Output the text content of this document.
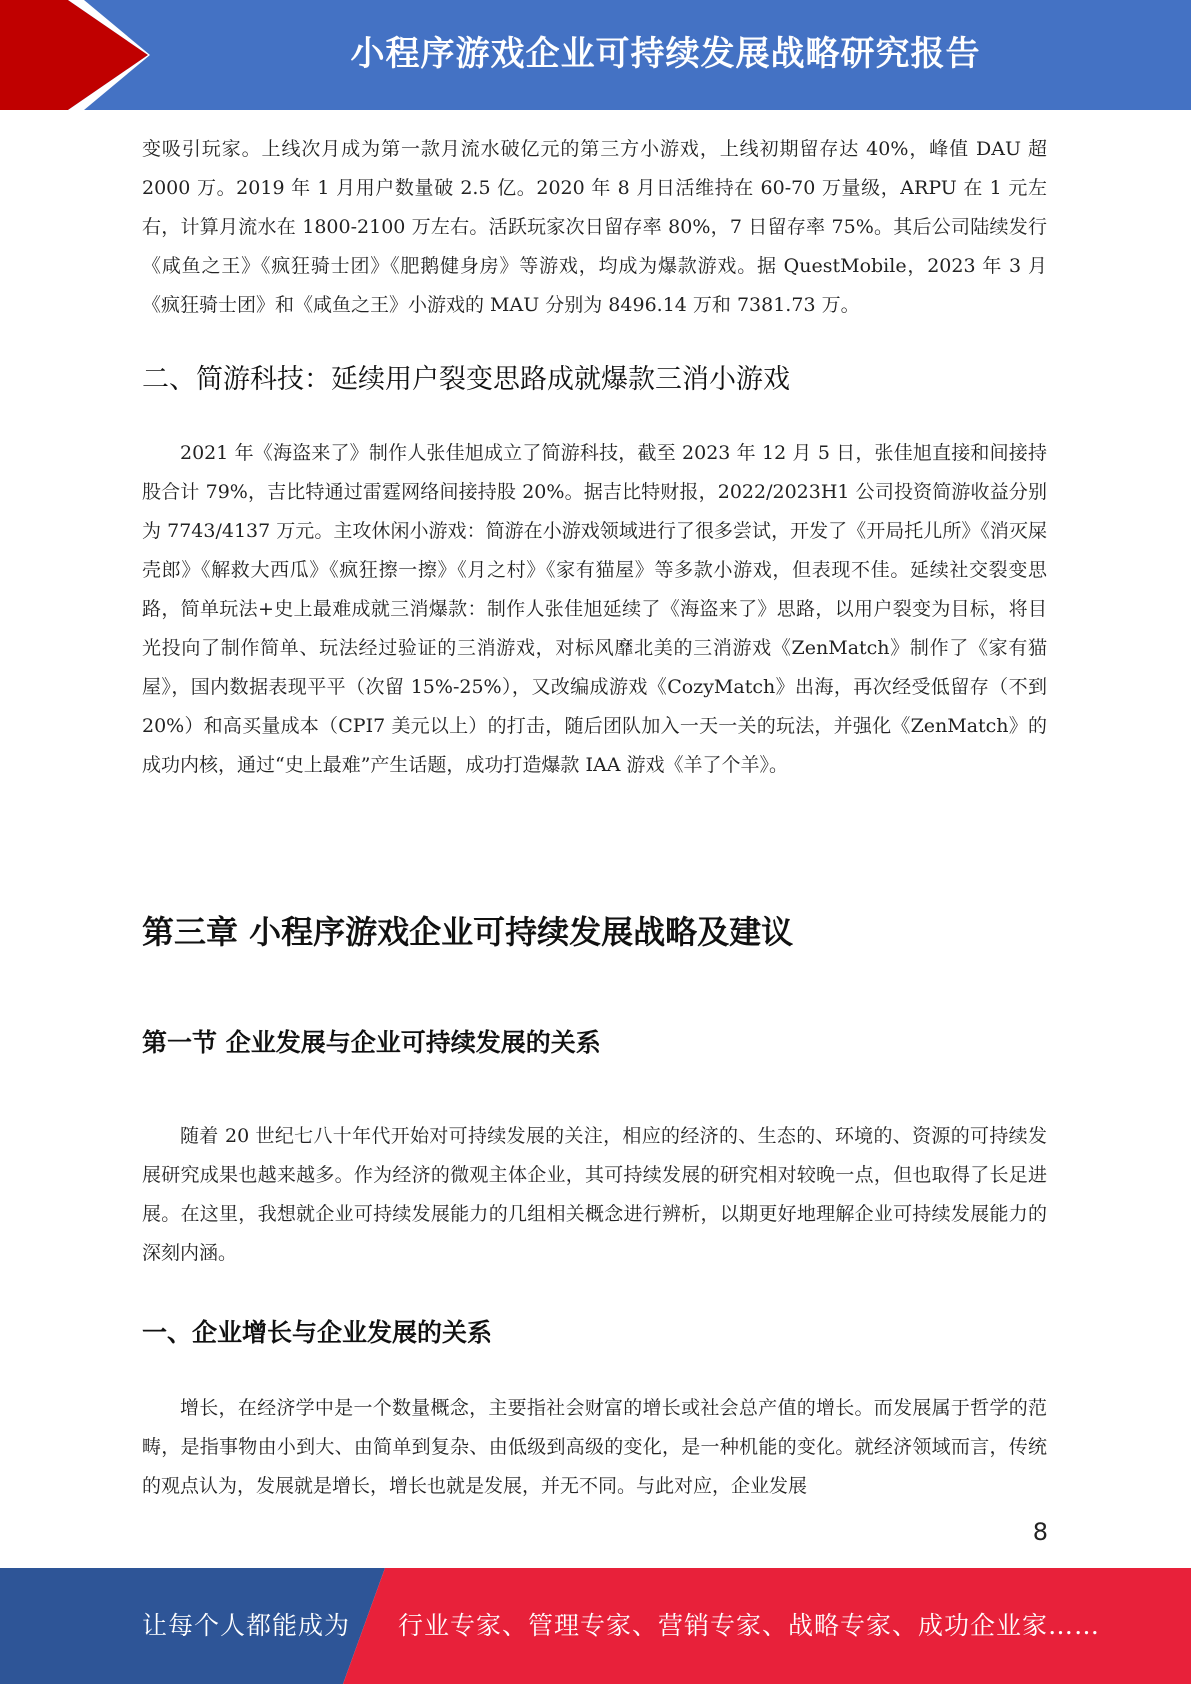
小程序游戏企业可持续发展战略研究报告

变吸引玩家。上线次月成为第一款月流水破亿元的第三方小游戏，上线初期留存达 40%，峰值 DAU 超 2000 万。2019 年 1 月用户数量破 2.5 亿。2020 年 8 月日活维持在 60-70 万量级，ARPU 在 1 元左右，计算月流水在 1800-2100 万左右。活跃玩家次日留存率 80%，7 日留存率 75%。其后公司陆续发行《咸鱼之王》《疯狂骑士团》《肥鹅健身房》等游戏，均成为爆款游戏。据 QuestMobile，2023 年 3 月《疯狂骑士团》和《咸鱼之王》小游戏的 MAU 分别为 8496.14 万和 7381.73 万。

二、简游科技：延续用户裂变思路成就爆款三消小游戏

2021 年《海盗来了》制作人张佳旭成立了简游科技，截至 2023 年 12 月 5 日，张佳旭直接和间接持股合计 79%，吉比特通过雷霆网络间接持股 20%。据吉比特财报，2022/2023H1 公司投资简游收益分别为 7743/4137 万元。主攻休闲小游戏：简游在小游戏领域进行了很多尝试，开发了《开局托儿所》《消灭屎壳郎》《解救大西瓜》《疯狂擦一擦》《月之村》《家有猫屋》等多款小游戏，但表现不佳。延续社交裂变思路，简单玩法+史上最难成就三消爆款：制作人张佳旭延续了《海盗来了》思路，以用户裂变为目标，将目光投向了制作简单、玩法经过验证的三消游戏，对标风靡北美的三消游戏《ZenMatch》制作了《家有猫屋》，国内数据表现平平（次留 15%-25%），又改编成游戏《CozyMatch》出海，再次经受低留存（不到 20%）和高买量成本（CPI7 美元以上）的打击，随后团队加入一天一关的玩法，并强化《ZenMatch》的成功内核，通过“史上最难”产生话题，成功打造爆款 IAA 游戏《羊了个羊》。

第三章 小程序游戏企业可持续发展战略及建议
第一节 企业发展与企业可持续发展的关系

随着 20 世纪七八十年代开始对可持续发展的关注，相应的经济的、生态的、环境的、资源的可持续发展研究成果也越来越多。作为经济的微观主体企业，其可持续发展的研究相对较晚一点，但也取得了长足进展。在这里，我想就企业可持续发展能力的几组相关概念进行辨析，以期更好地理解企业可持续发展能力的深刻内涵。

一、企业增长与企业发展的关系

增长，在经济学中是一个数量概念，主要指社会财富的增长或社会总产值的增长。而发展属于哲学的范畴，是指事物由小到大、由简单到复杂、由低级到高级的变化，是一种机能的变化。就经济领域而言，传统的观点认为，发展就是增长，增长也就是发展，并无不同。与此对应，企业发展

8
让每个人都能成为 行业专家、管理专家、营销专家、战略专家、成功企业家……
